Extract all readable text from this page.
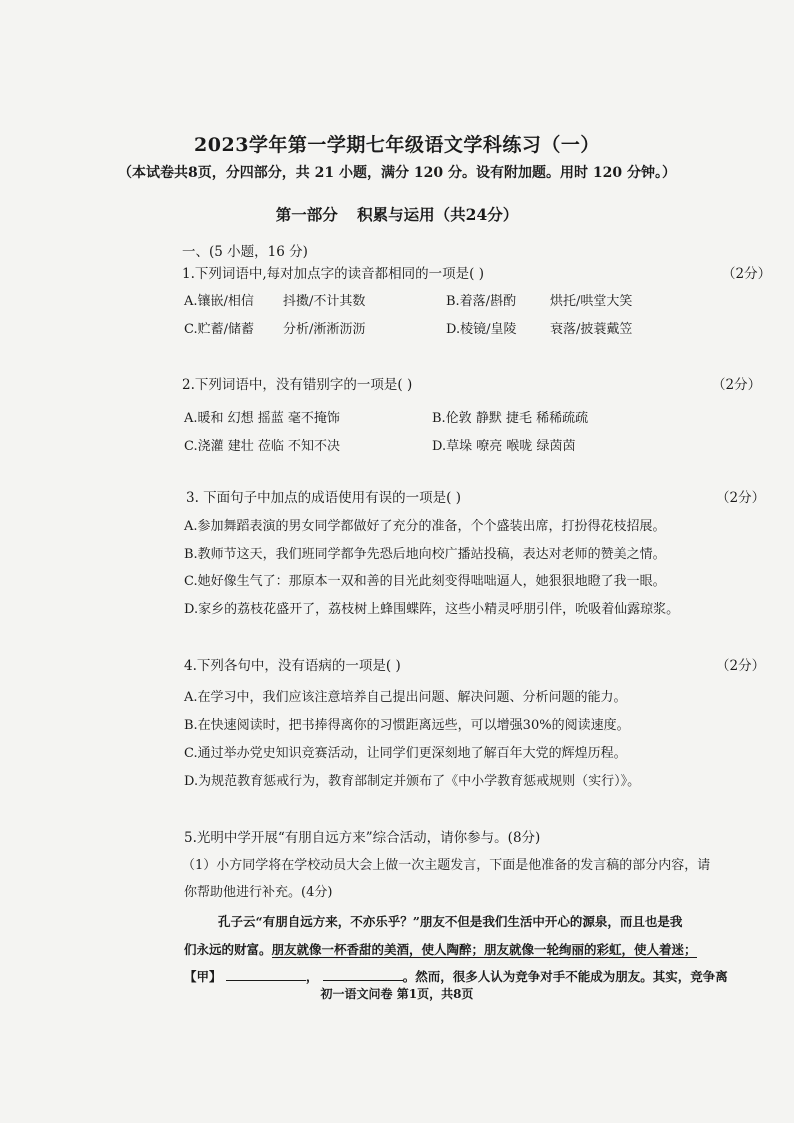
2023学年第一学期七年级语文学科练习（一）
（本试卷共8页，分四部分，共 21 小题，满分 120 分。设有附加题。用时 120 分钟。）
第一部分 积累与运用（共24分）
一、(5 小题，16 分)
1.下列词语中,每对加点字的读音都相同的一项是( )	（2分）
A.镶嵌/相信 抖擞/不计其数	B.着落/斟酌	烘托/哄堂大笑
C.贮蓄/储蓄 分析/淅淅沥沥	D.棱镜/皇陵	衰落/披蓑戴笠
2.下列词语中，没有错别字的一项是( )	（2分）
A.暖和 幻想 摇蓝 毫不掩饰	B.伦敦 静默 捷毛 稀稀疏疏
C.浇灌 建壮 莅临 不知不决	D.草垛 嘹亮 喉咙 绿茵茵
3. 下面句子中加点的成语使用有误的一项是( )	（2分）
A.参加舞蹈表演的男女同学都做好了充分的准备，个个盛装出席，打扮得花枝招展。
B.教师节这天，我们班同学都争先恐后地向校广播站投稿，表达对老师的赞美之情。
C.她好像生气了：那原本一双和善的目光此刻变得咄咄逼人，她狠狠地瞪了我一眼。
D.家乡的荔枝花盛开了，荔枝树上蜂围蝶阵，这些小精灵呼朋引伴，吮吸着仙露琼浆。
4.下列各句中，没有语病的一项是( )	（2分）
A.在学习中，我们应该注意培养自己提出问题、解决问题、分析问题的能力。
B.在快速阅读时，把书捧得离你的习惯距离远些，可以增强30%的阅读速度。
C.通过举办党史知识竞赛活动，让同学们更深刻地了解百年大党的辉煌历程。
D.为规范教育惩戒行为，教育部制定并颁布了《中小学教育惩戒规则（实行）》。
5.光明中学开展“有朋自远方来”综合活动，请你参与。(8分)
（1）小方同学将在学校动员大会上做一次主题发言，下面是他准备的发言稿的部分内容，请
你帮助他进行补充。(4分)
孔子云“有朋自远方来，不亦乐乎？”朋友不但是我们生活中开心的源泉，而且也是我
们永远的财富。朋友就像一杯香甜的美酒，使人陶醉；朋友就像一轮绚丽的彩虹，使人着迷；
【甲】	，	。然而，很多人认为竞争对手不能成为朋友。其实，竞争离
初一语文问卷 第1页，共8页
